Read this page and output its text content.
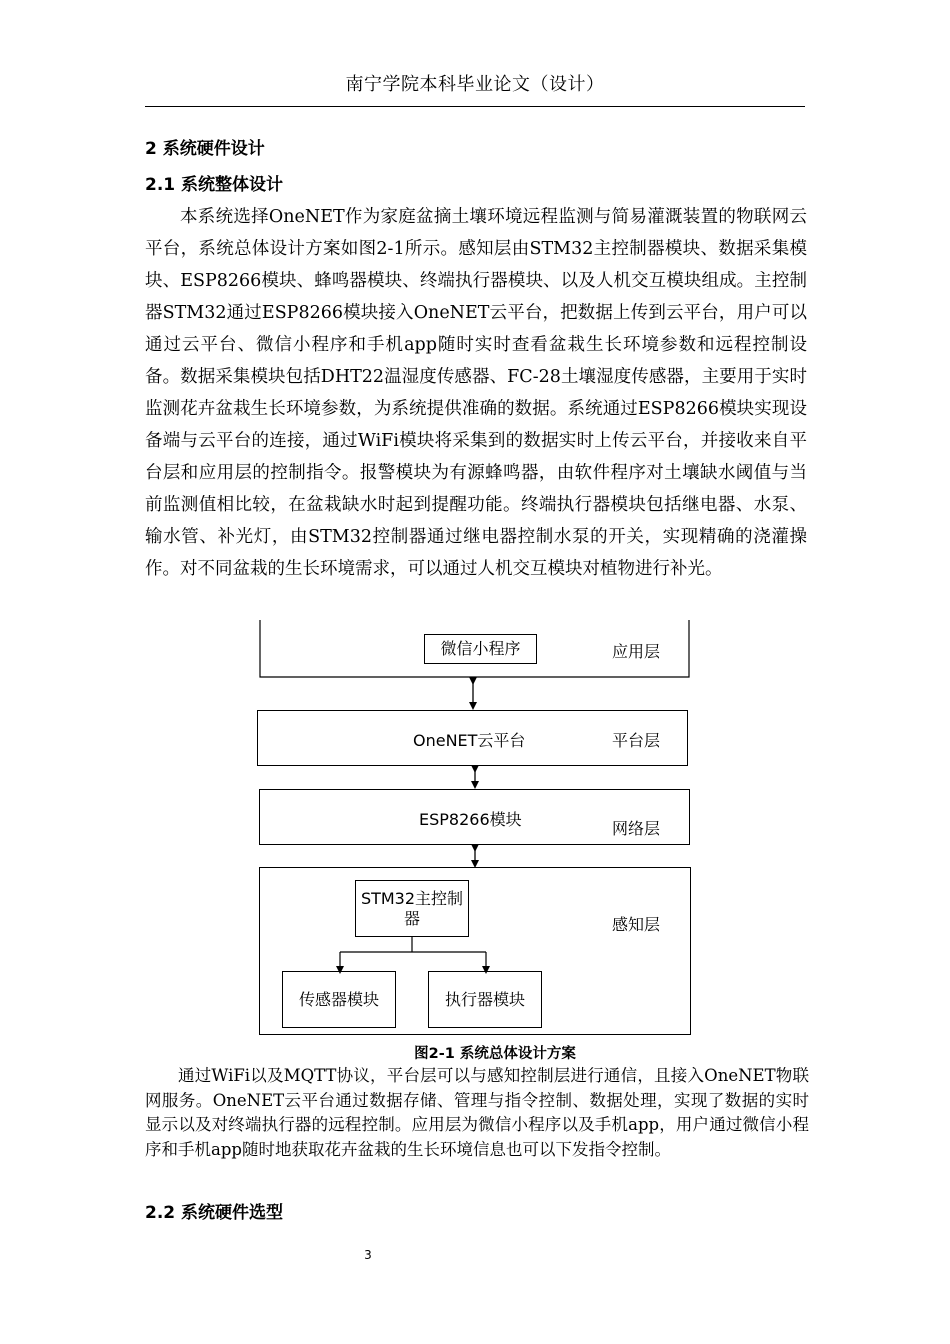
南宁学院本科毕业论文（设计）
2 系统硬件设计
2.1 系统整体设计

本系统选择OneNET作为家庭盆摘土壤环境远程监测与简易灌溉装置的物联网云平台，系统总体设计方案如图2-1所示。感知层由STM32主控制器模块、数据采集模块、ESP8266模块、蜂鸣器模块、终端执行器模块、以及人机交互模块组成。主控制器STM32通过ESP8266模块接入OneNET云平台，把数据上传到云平台，用户可以通过云平台、微信小程序和手机app随时实时查看盆栽生长环境参数和远程控制设备。数据采集模块包括DHT22温湿度传感器、FC-28土壤湿度传感器，主要用于实时监测花卉盆栽生长环境参数，为系统提供准确的数据。系统通过ESP8266模块实现设备端与云平台的连接，通过WiFi模块将采集到的数据实时上传云平台，并接收来自平台层和应用层的控制指令。报警模块为有源蜂鸣器，由软件程序对土壤缺水阈值与当前监测值相比较，在盆栽缺水时起到提醒功能。终端执行器模块包括继电器、水泵、输水管、补光灯，由STM32控制器通过继电器控制水泵的开关，实现精确的浇灌操作。对不同盆栽的生长环境需求，可以通过人机交互模块对植物进行补光。

微信小程序	应用层
OneNET云平台	平台层
ESP8266模块	网络层
STM32主控制器	感知层
传感器模块	执行器模块
图2-1 系统总体设计方案

通过WiFi以及MQTT协议，平台层可以与感知控制层进行通信，且接入OneNET物联网服务。OneNET云平台通过数据存储、管理与指令控制、数据处理，实现了数据的实时显示以及对终端执行器的远程控制。应用层为微信小程序以及手机app，用户通过微信小程序和手机app随时地获取花卉盆栽的生长环境信息也可以下发指令控制。

2.2 系统硬件选型
3
